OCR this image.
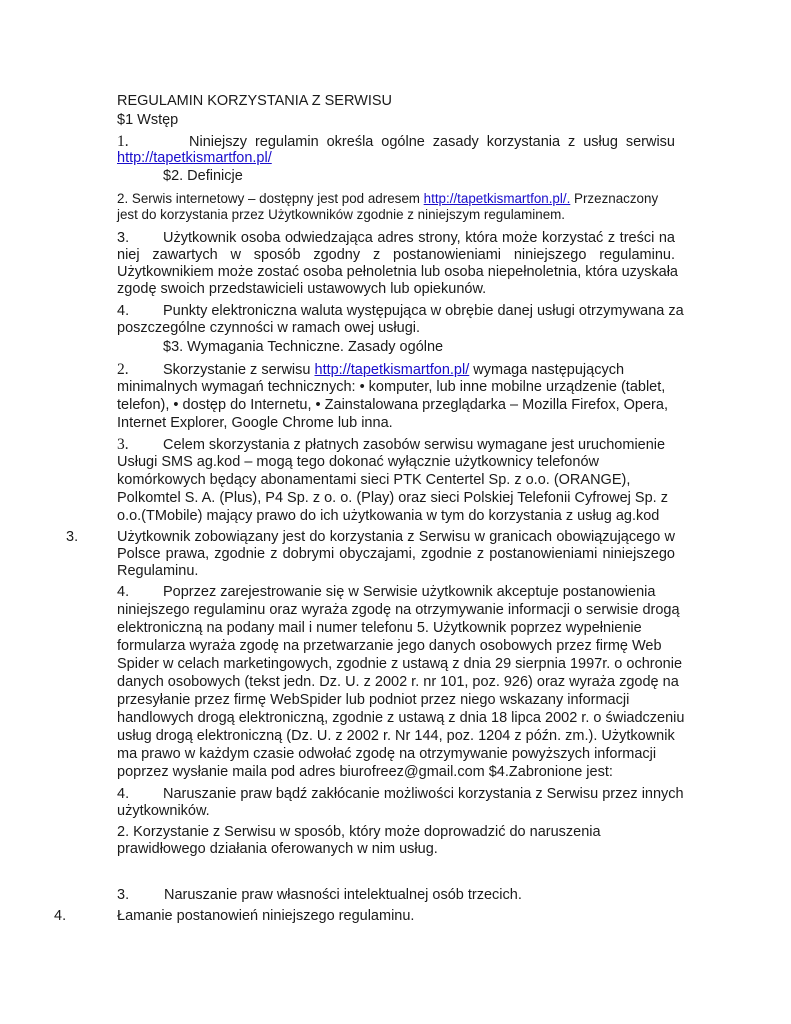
REGULAMIN KORZYSTANIA Z SERWISU
$1 Wstęp
1.	Niniejszy regulamin określa ogólne zasady korzystania z usług serwisu
http://tapetkismartfon.pl/
$2. Definicje
2. Serwis internetowy – dostępny jest pod adresem http://tapetkismartfon.pl/. Przeznaczony
jest do korzystania przez Użytkowników zgodnie z niniejszym regulaminem.
3. Użytkownik osoba odwiedzająca adres strony, która może korzystać z treści na
niej zawartych w sposób zgodny z postanowieniami niniejszego regulaminu.
Użytkownikiem może zostać osoba pełnoletnia lub osoba niepełnoletnia, która uzyskała
zgodę swoich przedstawicieli ustawowych lub opiekunów.
4. Punkty elektroniczna waluta występująca w obrębie danej usługi otrzymywana za
poszczególne czynności w ramach owej usługi.
$3. Wymagania Techniczne. Zasady ogólne
2. Skorzystanie z serwisu http://tapetkismartfon.pl/ wymaga następujących
minimalnych wymagań technicznych: • komputer, lub inne mobilne urządzenie (tablet,
telefon), • dostęp do Internetu, • Zainstalowana przeglądarka – Mozilla Firefox, Opera,
Internet Explorer, Google Chrome lub inna.
3. Celem skorzystania z płatnych zasobów serwisu wymagane jest uruchomienie
Usługi SMS ag.kod – mogą tego dokonać wyłącznie użytkownicy telefonów
komórkowych będący abonamentami sieci PTK Centertel Sp. z o.o. (ORANGE),
Polkomtel S. A. (Plus), P4 Sp. z o. o. (Play) oraz sieci Polskiej Telefonii Cyfrowej Sp. z
o.o.(TMobile) mający prawo do ich użytkowania w tym do korzystania z usług ag.kod
3.	Użytkownik zobowiązany jest do korzystania z Serwisu w granicach obowiązującego w
Polsce prawa, zgodnie z dobrymi obyczajami, zgodnie z postanowieniami niniejszego
Regulaminu.
4. Poprzez zarejestrowanie się w Serwisie użytkownik akceptuje postanowienia
niniejszego regulaminu oraz wyraża zgodę na otrzymywanie informacji o serwisie drogą
elektroniczną na podany mail i numer telefonu 5. Użytkownik poprzez wypełnienie
formularza wyraża zgodę na przetwarzanie jego danych osobowych przez firmę Web
Spider w celach marketingowych, zgodnie z ustawą z dnia 29 sierpnia 1997r. o ochronie
danych osobowych (tekst jedn. Dz. U. z 2002 r. nr 101, poz. 926) oraz wyraża zgodę na
przesyłanie przez firmę WebSpider lub podniot przez niego wskazany informacji
handlowych drogą elektroniczną, zgodnie z ustawą z dnia 18 lipca 2002 r. o świadczeniu
usług drogą elektroniczną (Dz. U. z 2002 r. Nr 144, poz. 1204 z późn. zm.). Użytkownik
ma prawo w każdym czasie odwołać zgodę na otrzymywanie powyższych informacji
poprzez wysłanie maila pod adres biurofreez@gmail.com $4.Zabronione jest:
4. Naruszanie praw bądź zakłócanie możliwości korzystania z Serwisu przez innych
użytkowników.
2. Korzystanie z Serwisu w sposób, który może doprowadzić do naruszenia
prawidłowego działania oferowanych w nim usług.
3. Naruszanie praw własności intelektualnej osób trzecich.
4.	Łamanie postanowień niniejszego regulaminu.
